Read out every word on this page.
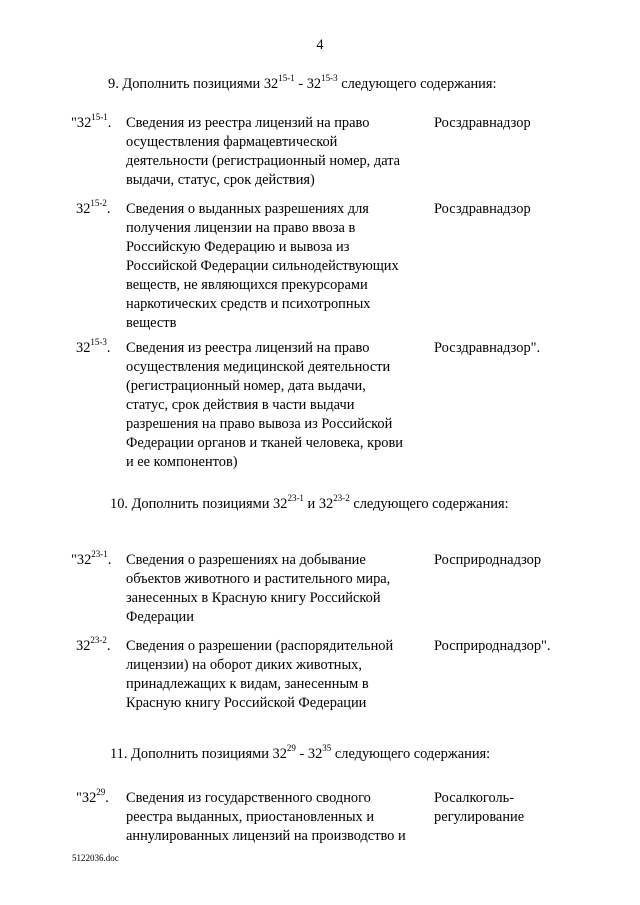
4
9. Дополнить позициями 32$^{15-1}$ - 32$^{15-3}$ следующего содержания:
"32$^{15-1}$. Сведения из реестра лицензий на право
осуществления фармацевтической
деятельности (регистрационный номер, дата
выдачи, статус, срок действия)
Росздравнадзор
32$^{15-2}$. Сведения о выданных разрешениях для
получения лицензии на право ввоза в
Российскую Федерацию и вывоза из
Российской Федерации сильнодействующих
веществ, не являющихся прекурсорами
наркотических средств и психотропных
веществ
Росздравнадзор
32$^{15-3}$. Сведения из реестра лицензий на право
осуществления медицинской деятельности
(регистрационный номер, дата выдачи,
статус, срок действия в части выдачи
разрешения на право вывоза из Российской
Федерации органов и тканей человека, крови
и ее компонентов)
Росздравнадзор".
10. Дополнить позициями 32$^{23-1}$ и 32$^{23-2}$ следующего содержания:
"32$^{23-1}$. Сведения о разрешениях на добывание
объектов животного и растительного мира,
занесенных в Красную книгу Российской
Федерации
Росприроднадзор
32$^{23-2}$. Сведения о разрешении (распорядительной
лицензии) на оборот диких животных,
принадлежащих к видам, занесенным в
Красную книгу Российской Федерации
Росприроднадзор".
11. Дополнить позициями $32^{29} - 32^{35}$ следующего содержания:
"$32^{29}$. Сведения из государственного сводного
реестра выданных, приостановленных и
аннулированных лицензий на производство и
Росалкоголь-
регулирование
5122036.doc
